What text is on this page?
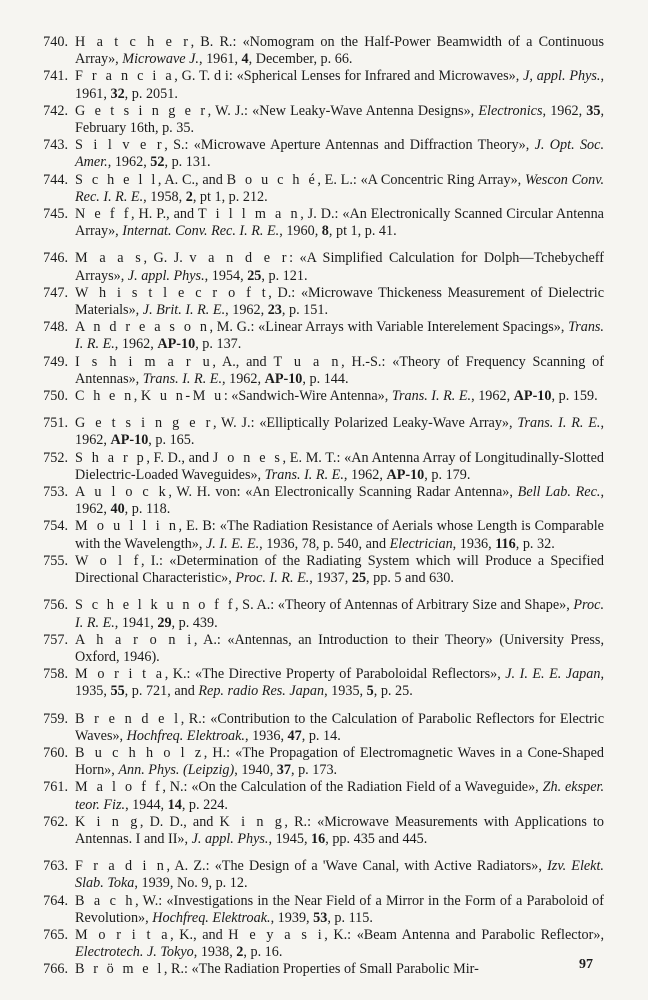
740. H a t c h e r, B. R.: «Nomogram on the Half-Power Beamwidth of a Continuous Array», Microwave J., 1961, 4, December, p. 66.
741. F r a n c i a, G. T. d i: «Spherical Lenses for Infrared and Microwaves», J, appl. Phys., 1961, 32, p. 2051.
742. G e t s i n g e r, W. J.: «New Leaky-Wave Antenna Designs», Electronics, 1962, 35, February 16th, p. 35.
743. S i l v e r, S.: «Microwave Aperture Antennas and Diffraction Theory», J. Opt. Soc. Amer., 1962, 52, p. 131.
744. S c h e l l, A. C., and B o u c h é, E. L.: «A Concentric Ring Array», Wescon Conv. Rec. I. R. E., 1958, 2, pt 1, p. 212.
745. N e f f, H. P., and T i l l m a n, J. D.: «An Electronically Scanned Circular Antenna Array», Internat. Conv. Rec. I. R. E., 1960, 8, pt 1, p. 41.
746. M a a s, G. J. v a n d e r: «A Simplified Calculation for Dolph—Tchebycheff Arrays», J. appl. Phys., 1954, 25, p. 121.
747. W h i s t l e c r o f t, D.: «Microwave Thickeness Measurement of Dielectric Materials», J. Brit. I. R. E., 1962, 23, p. 151.
748. A n d r e a s o n, M. G.: «Linear Arrays with Variable Interelement Spacings», Trans. I. R. E., 1962, AP-10, p. 137.
749. I s h i m a r u, A., and T u a n, H.-S.: «Theory of Frequency Scanning of Antennas», Trans. I. R. E., 1962, AP-10, p. 144.
750. C h e n, K u n-M u: «Sandwich-Wire Antenna», Trans. I. R. E., 1962, AP-10, p. 159.
751. G e t s i n g e r, W. J.: «Elliptically Polarized Leaky-Wave Array», Trans. I. R. E., 1962, AP-10, p. 165.
752. S h a r p, F. D., and J o n e s, E. M. T.: «An Antenna Array of Longitudinally-Slotted Dielectric-Loaded Waveguides», Trans. I. R. E., 1962, AP-10, p. 179.
753. A u l o c k, W. H. von: «An Electronically Scanning Radar Antenna», Bell Lab. Rec., 1962, 40, p. 118.
754. M o u l l i n, E. B: «The Radiation Resistance of Aerials whose Length is Comparable with the Wavelength», J. I. E. E., 1936, 78, p. 540, and Electrician, 1936, 116, p. 32.
755. W o l f, I.: «Determination of the Radiating System which will Produce a Specified Directional Characteristic», Proc. I. R. E., 1937, 25, pp. 5 and 630.
756. S c h e l k u n o f f, S. A.: «Theory of Antennas of Arbitrary Size and Shape», Proc. I. R. E., 1941, 29, p. 439.
757. A h a r o n i, A.: «Antennas, an Introduction to their Theory» (University Press, Oxford, 1946).
758. M o r i t a, K.: «The Directive Property of Paraboloidal Reflectors», J. I. E. E. Japan, 1935, 55, p. 721, and Rep. radio Res. Japan, 1935, 5, p. 25.
759. B r e n d e l, R.: «Contribution to the Calculation of Parabolic Reflectors for Electric Waves», Hochfreq. Elektroak., 1936, 47, p. 14.
760. B u c h h o l z, H.: «The Propagation of Electromagnetic Waves in a Cone-Shaped Horn», Ann. Phys. (Leipzig), 1940, 37, p. 173.
761. M a l o f f, N.: «On the Calculation of the Radiation Field of a Waveguide», Zh. eksper. teor. Fiz., 1944, 14, p. 224.
762. K i n g, D. D., and K i n g, R.: «Microwave Measurements with Applications to Antennas. I and II», J. appl. Phys., 1945, 16, pp. 435 and 445.
763. F r a d i n, A. Z.: «The Design of a 'Wave Canal, with Active Radiators», Izv. Elekt. Slab. Toka, 1939, No. 9, p. 12.
764. B a c h, W.: «Investigations in the Near Field of a Mirror in the Form of a Paraboloid of Revolution», Hochfreq. Elektroak., 1939, 53, p. 115.
765. M o r i t a, K., and H e y a s i, K.: «Beam Antenna and Parabolic Reflector», Electrotech. J. Tokyo, 1938, 2, p. 16.
766. B r ö m e l, R.: «The Radiation Properties of Small Parabolic Mir-	97
